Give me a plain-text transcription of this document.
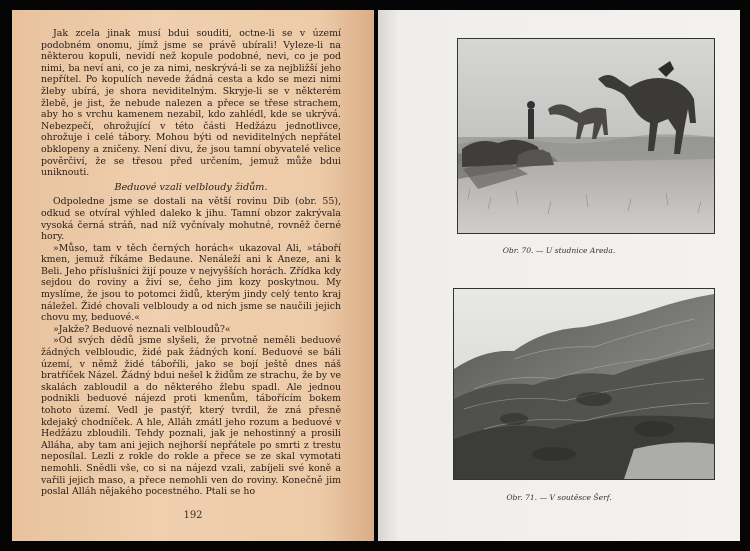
Jak zcela jinak musí bdui souditi, octne-li se v území podobném onomu, jímž jsme se právě ubírali! Vyleze-li na některou kopuli, nevidí než kopule podobné, nevi, co je pod nimi, ba neví ani, co je za nimi, neskrývá-li se za nejbližší jeho nepřítel. Po kopulích nevede žádná cesta a kdo se mezi nimi žleby ubírá, je shora neviditelným. Skryje-li se v některém žlebě, je jist, že nebude nalezen a přece se třese strachem, aby ho s vrchu kamenem nezabil, kdo zahlédl, kde se ukrývá. Nebezpečí, ohrožující v této části Hedžázu jednotlivce, ohrožuje i celé tábory. Mohou býti od neviditelných nepřátel obklopeny a zničeny. Není divu, že jsou tamní obyvatelé velice pověrčiví, že se třesou před určením, jemuž může bdui uniknouti.

Beduové vzali velbloudy židům.

Odpoledne jsme se dostali na větší rovinu Dib (obr. 55), odkud se otvíral výhled daleko k jihu. Tamní obzor zakrývala vysoká černá stráň, nad níž vyčnívaly mohutné, rovněž černé hory.

»Můso, tam v těch černých horách« ukazoval Ali, »táboří kmen, jemuž říkáme Bedaune. Nenáleží ani k Aneze, ani k Beli. Jeho příslušníci žijí pouze v nejvyšších horách. Zřídka kdy sejdou do roviny a živí se, čeho jim kozy poskytnou. My myslíme, že jsou to potomci židů, kterým jindy celý tento kraj náležel. Židé chovali velbloudy a od nich jsme se naučili jejich chovu my, beduové.«

»Jakže? Beduové neznali velbloudů?«

»Od svých dědů jsme slyšeli, že prvotně neměli beduové žádných velbloudic, židé pak žádných koní. Beduové se báli území, v němž židé táboříli, jako se bojí ještě dnes náš bratříček Názel. Žádný bdui nešel k židům ze strachu, že by ve skalách zabloudil a do některého žlebu spadl. Ale jednou podnikli beduové nájezd proti kmenům, tábořícím bokem tohoto území. Vedl je pastýř, který tvrdil, že zná přesně kdejaký chodníček. A hle, Alláh zmátl jeho rozum a beduové v Hedžázu zbloudili. Tehdy poznali, jak je nehostinný a prosili Alláha, aby tam ani jejich nejhorší nepřátele po smrti z trestu neposílal. Lezli z rokle do rokle a přece se ze skal vymotati nemohli. Snědli vše, co si na nájezd vzali, zabíjeli své koně a vařili jejich maso, a přece nemohli ven do roviny. Konečně jim poslal Alláh nějakého pocestného. Ptali se ho

192
Obr. 70. — U studnice Areda.
Obr. 71. — V soutěsce Šerf.
